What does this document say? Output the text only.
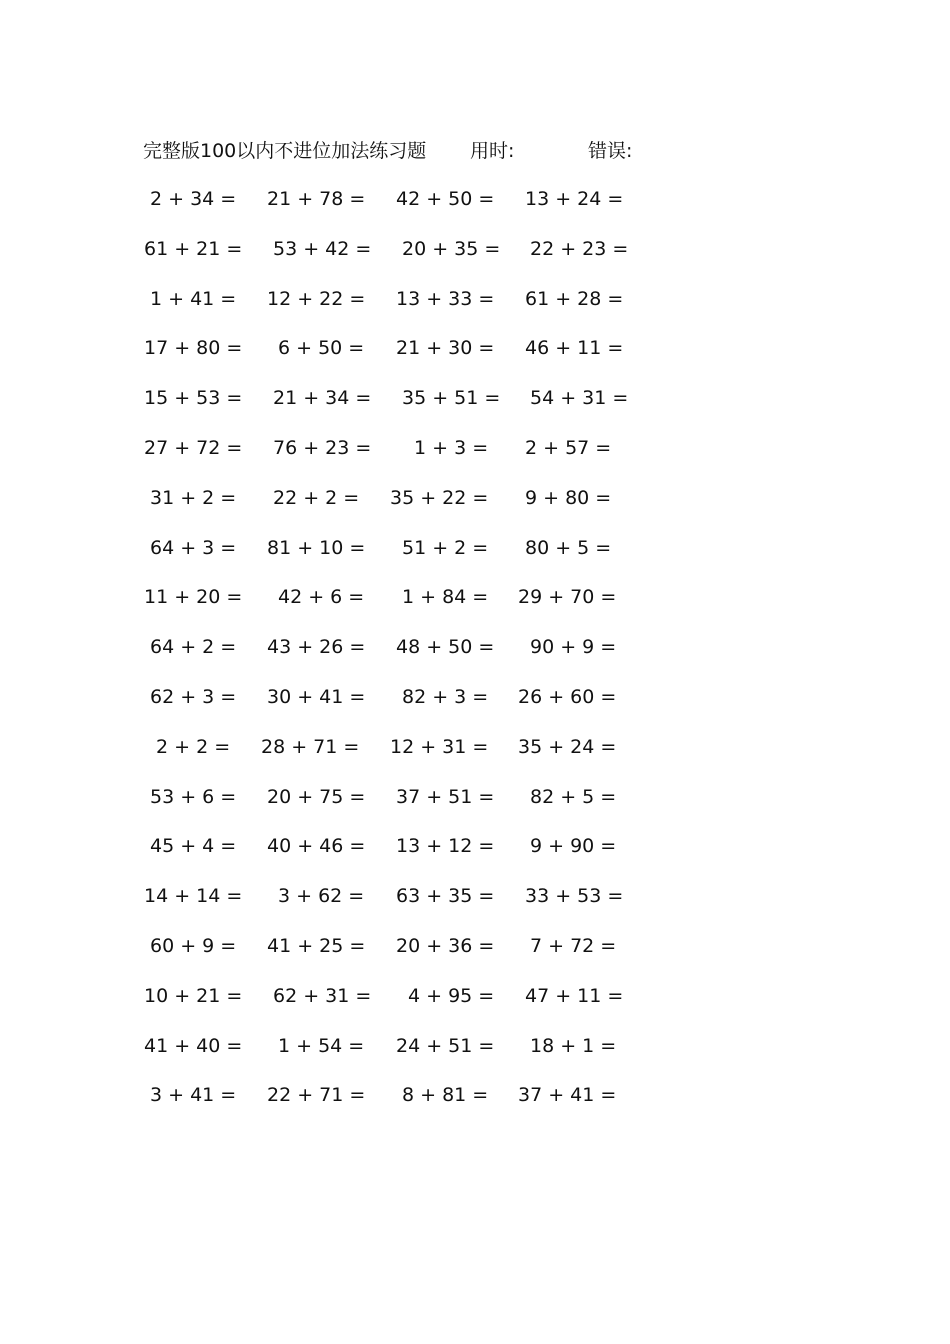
完整版100以内不进位加法练习题 用时:	错误:
2 + 34 =	21 + 78 =	42 + 50 =	13 + 24 =
61 + 21 =	53 + 42 =	20 + 35 =	22 + 23 =
1 + 41 =	12 + 22 =	13 + 33 =	61 + 28 =
17 + 80 =	6 + 50 =	21 + 30 =	46 + 11 =
15 + 53 =	21 + 34 =	35 + 51 =	54 + 31 =
27 + 72 =	76 + 23 =	1 + 3 =	2 + 57 =
31 + 2 =	22 + 2 =	35 + 22 =	9 + 80 =
64 + 3 =	81 + 10 =	51 + 2 =	80 + 5 =
11 + 20 =	42 + 6 =	1 + 84 =	29 + 70 =
64 + 2 =	43 + 26 =	48 + 50 =	90 + 9 =
62 + 3 =	30 + 41 =	82 + 3 =	26 + 60 =
2 + 2 =	28 + 71 =	12 + 31 =	35 + 24 =
53 + 6 =	20 + 75 =	37 + 51 =	82 + 5 =
45 + 4 =	40 + 46 =	13 + 12 =	9 + 90 =
14 + 14 =	3 + 62 =	63 + 35 =	33 + 53 =
60 + 9 =	41 + 25 =	20 + 36 =	7 + 72 =
10 + 21 =	62 + 31 =	4 + 95 =	47 + 11 =
41 + 40 =	1 + 54 =	24 + 51 =	18 + 1 =
3 + 41 =	22 + 71 =	8 + 81 =	37 + 41 =
